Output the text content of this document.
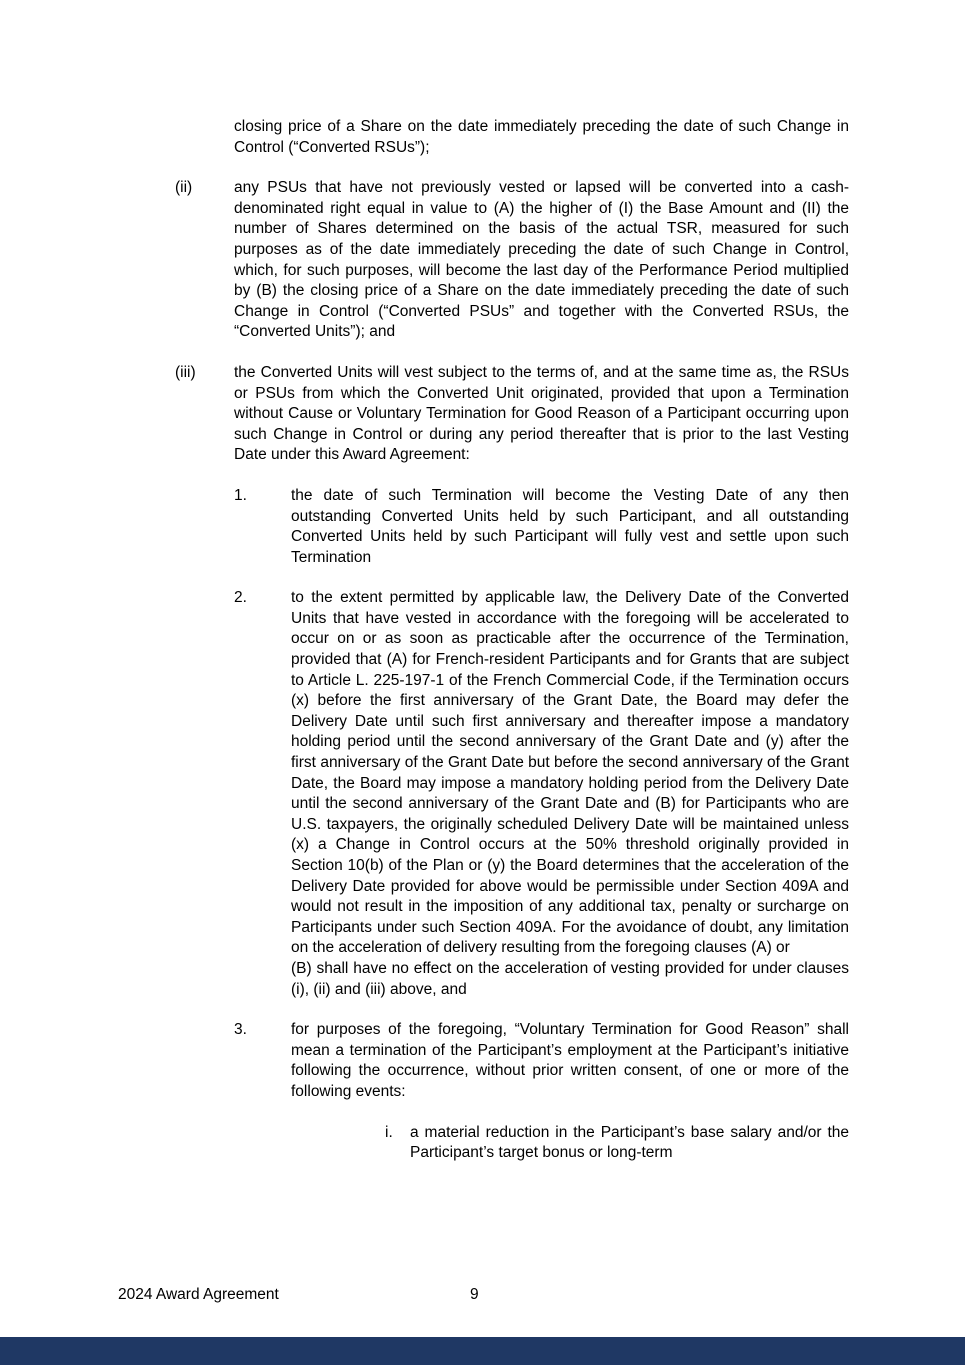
closing price of a Share on the date immediately preceding the date of such Change in Control (“Converted RSUs”);

(ii)	any PSUs that have not previously vested or lapsed will be converted into a cash-denominated right equal in value to (A) the higher of (I) the Base Amount and (II) the number of Shares determined on the basis of the actual TSR, measured for such purposes as of the date immediately preceding the date of such Change in Control, which, for such purposes, will become the last day of the Performance Period multiplied by (B) the closing price of a Share on the date immediately preceding the date of such Change in Control (“Converted PSUs” and together with the Converted RSUs, the “Converted Units”); and
(iii)	the Converted Units will vest subject to the terms of, and at the same time as, the RSUs or PSUs from which the Converted Unit originated, provided that upon a Termination without Cause or Voluntary Termination for Good Reason of a Participant occurring upon such Change in Control or during any period thereafter that is prior to the last Vesting Date under this Award Agreement:
1.	the date of such Termination will become the Vesting Date of any then outstanding Converted Units held by such Participant, and all outstanding Converted Units held by such Participant will fully vest and settle upon such Termination
2.	to the extent permitted by applicable law, the Delivery Date of the Converted Units that have vested in accordance with the foregoing will be accelerated to occur on or as soon as practicable after the occurrence of the Termination, provided that (A) for French-resident Participants and for Grants that are subject to Article L. 225-197-1 of the French Commercial Code, if the Termination occurs (x) before the first anniversary of the Grant Date, the Board may defer the Delivery Date until such first anniversary and thereafter impose a mandatory holding period until the second anniversary of the Grant Date and (y) after the first anniversary of the Grant Date but before the second anniversary of the Grant Date, the Board may impose a mandatory holding period from the Delivery Date until the second anniversary of the Grant Date and (B) for Participants who are U.S. taxpayers, the originally scheduled Delivery Date will be maintained unless (x) a Change in Control occurs at the 50% threshold originally provided in Section 10(b) of the Plan or (y) the Board determines that the acceleration of the Delivery Date provided for above would be permissible under Section 409A and would not result in the imposition of any additional tax, penalty or surcharge on Participants under such Section 409A. For the avoidance of doubt, any limitation on the acceleration of delivery resulting from the foregoing clauses (A) or

(B) shall have no effect on the acceleration of vesting provided for under clauses (i), (ii) and (iii) above, and

3.	for purposes of the foregoing, “Voluntary Termination for Good Reason” shall mean a termination of the Participant’s employment at the Participant’s initiative following the occurrence, without prior written consent, of one or more of the following events:
i.	a material reduction in the Participant’s base salary and/or the Participant’s target bonus or long-term
2024 Award Agreement	9
